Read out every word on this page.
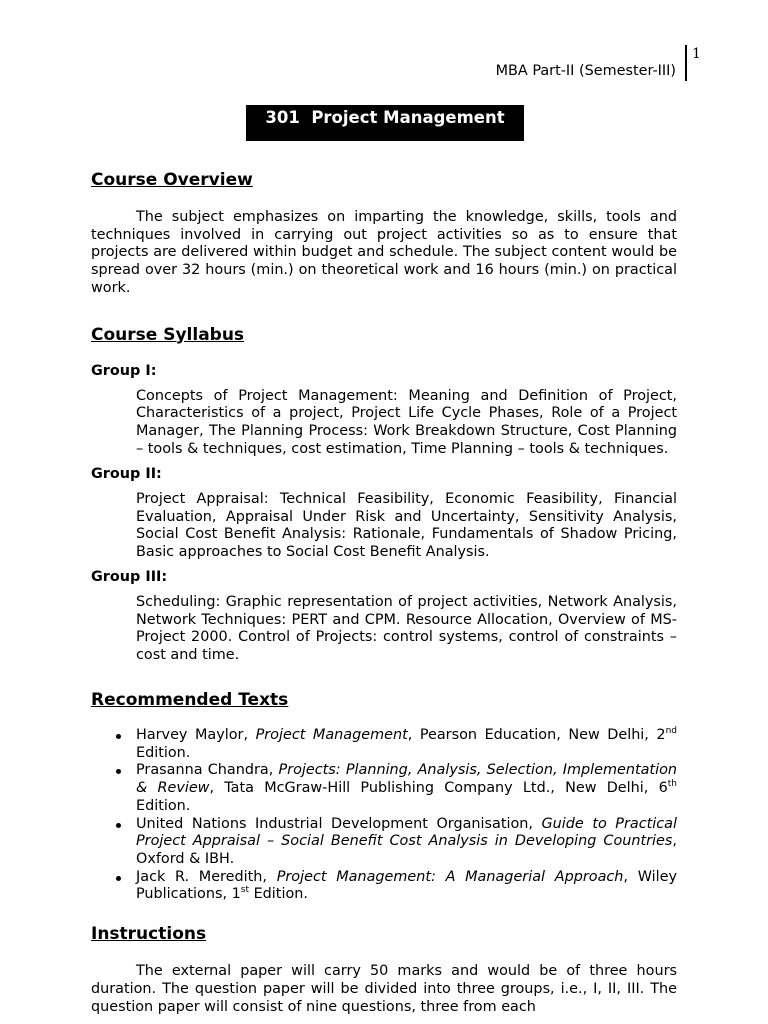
1
MBA Part-II (Semester-III)
301  Project Management
Course Overview

The subject emphasizes on imparting the knowledge, skills, tools and techniques involved in carrying out project activities so as to ensure that projects are delivered within budget and schedule. The subject content would be spread over 32 hours (min.) on theoretical work and 16 hours (min.) on practical work.

Course Syllabus

Group I:

Concepts of Project Management: Meaning and Definition of Project, Characteristics of a project, Project Life Cycle Phases, Role of a Project Manager, The Planning Process: Work Breakdown Structure, Cost Planning – tools & techniques, cost estimation, Time Planning – tools & techniques.

Group II:

Project Appraisal: Technical Feasibility, Economic Feasibility, Financial Evaluation, Appraisal Under Risk and Uncertainty, Sensitivity Analysis, Social Cost Benefit Analysis: Rationale, Fundamentals of Shadow Pricing, Basic approaches to Social Cost Benefit Analysis.

Group III:

Scheduling: Graphic representation of project activities, Network Analysis, Network Techniques: PERT and CPM. Resource Allocation, Overview of MS-Project 2000. Control of Projects: control systems, control of constraints – cost and time.

Recommended Texts
Harvey Maylor, Project Management, Pearson Education, New Delhi, 2nd Edition.
Prasanna Chandra, Projects: Planning, Analysis, Selection, Implementation & Review, Tata McGraw-Hill Publishing Company Ltd., New Delhi, 6th Edition.
United Nations Industrial Development Organisation, Guide to Practical Project Appraisal – Social Benefit Cost Analysis in Developing Countries, Oxford & IBH.
Jack R. Meredith, Project Management: A Managerial Approach, Wiley Publications, 1st Edition.
Instructions

The external paper will carry 50 marks and would be of three hours duration. The question paper will be divided into three groups, i.e., I, II, III. The question paper will consist of nine questions, three from each
